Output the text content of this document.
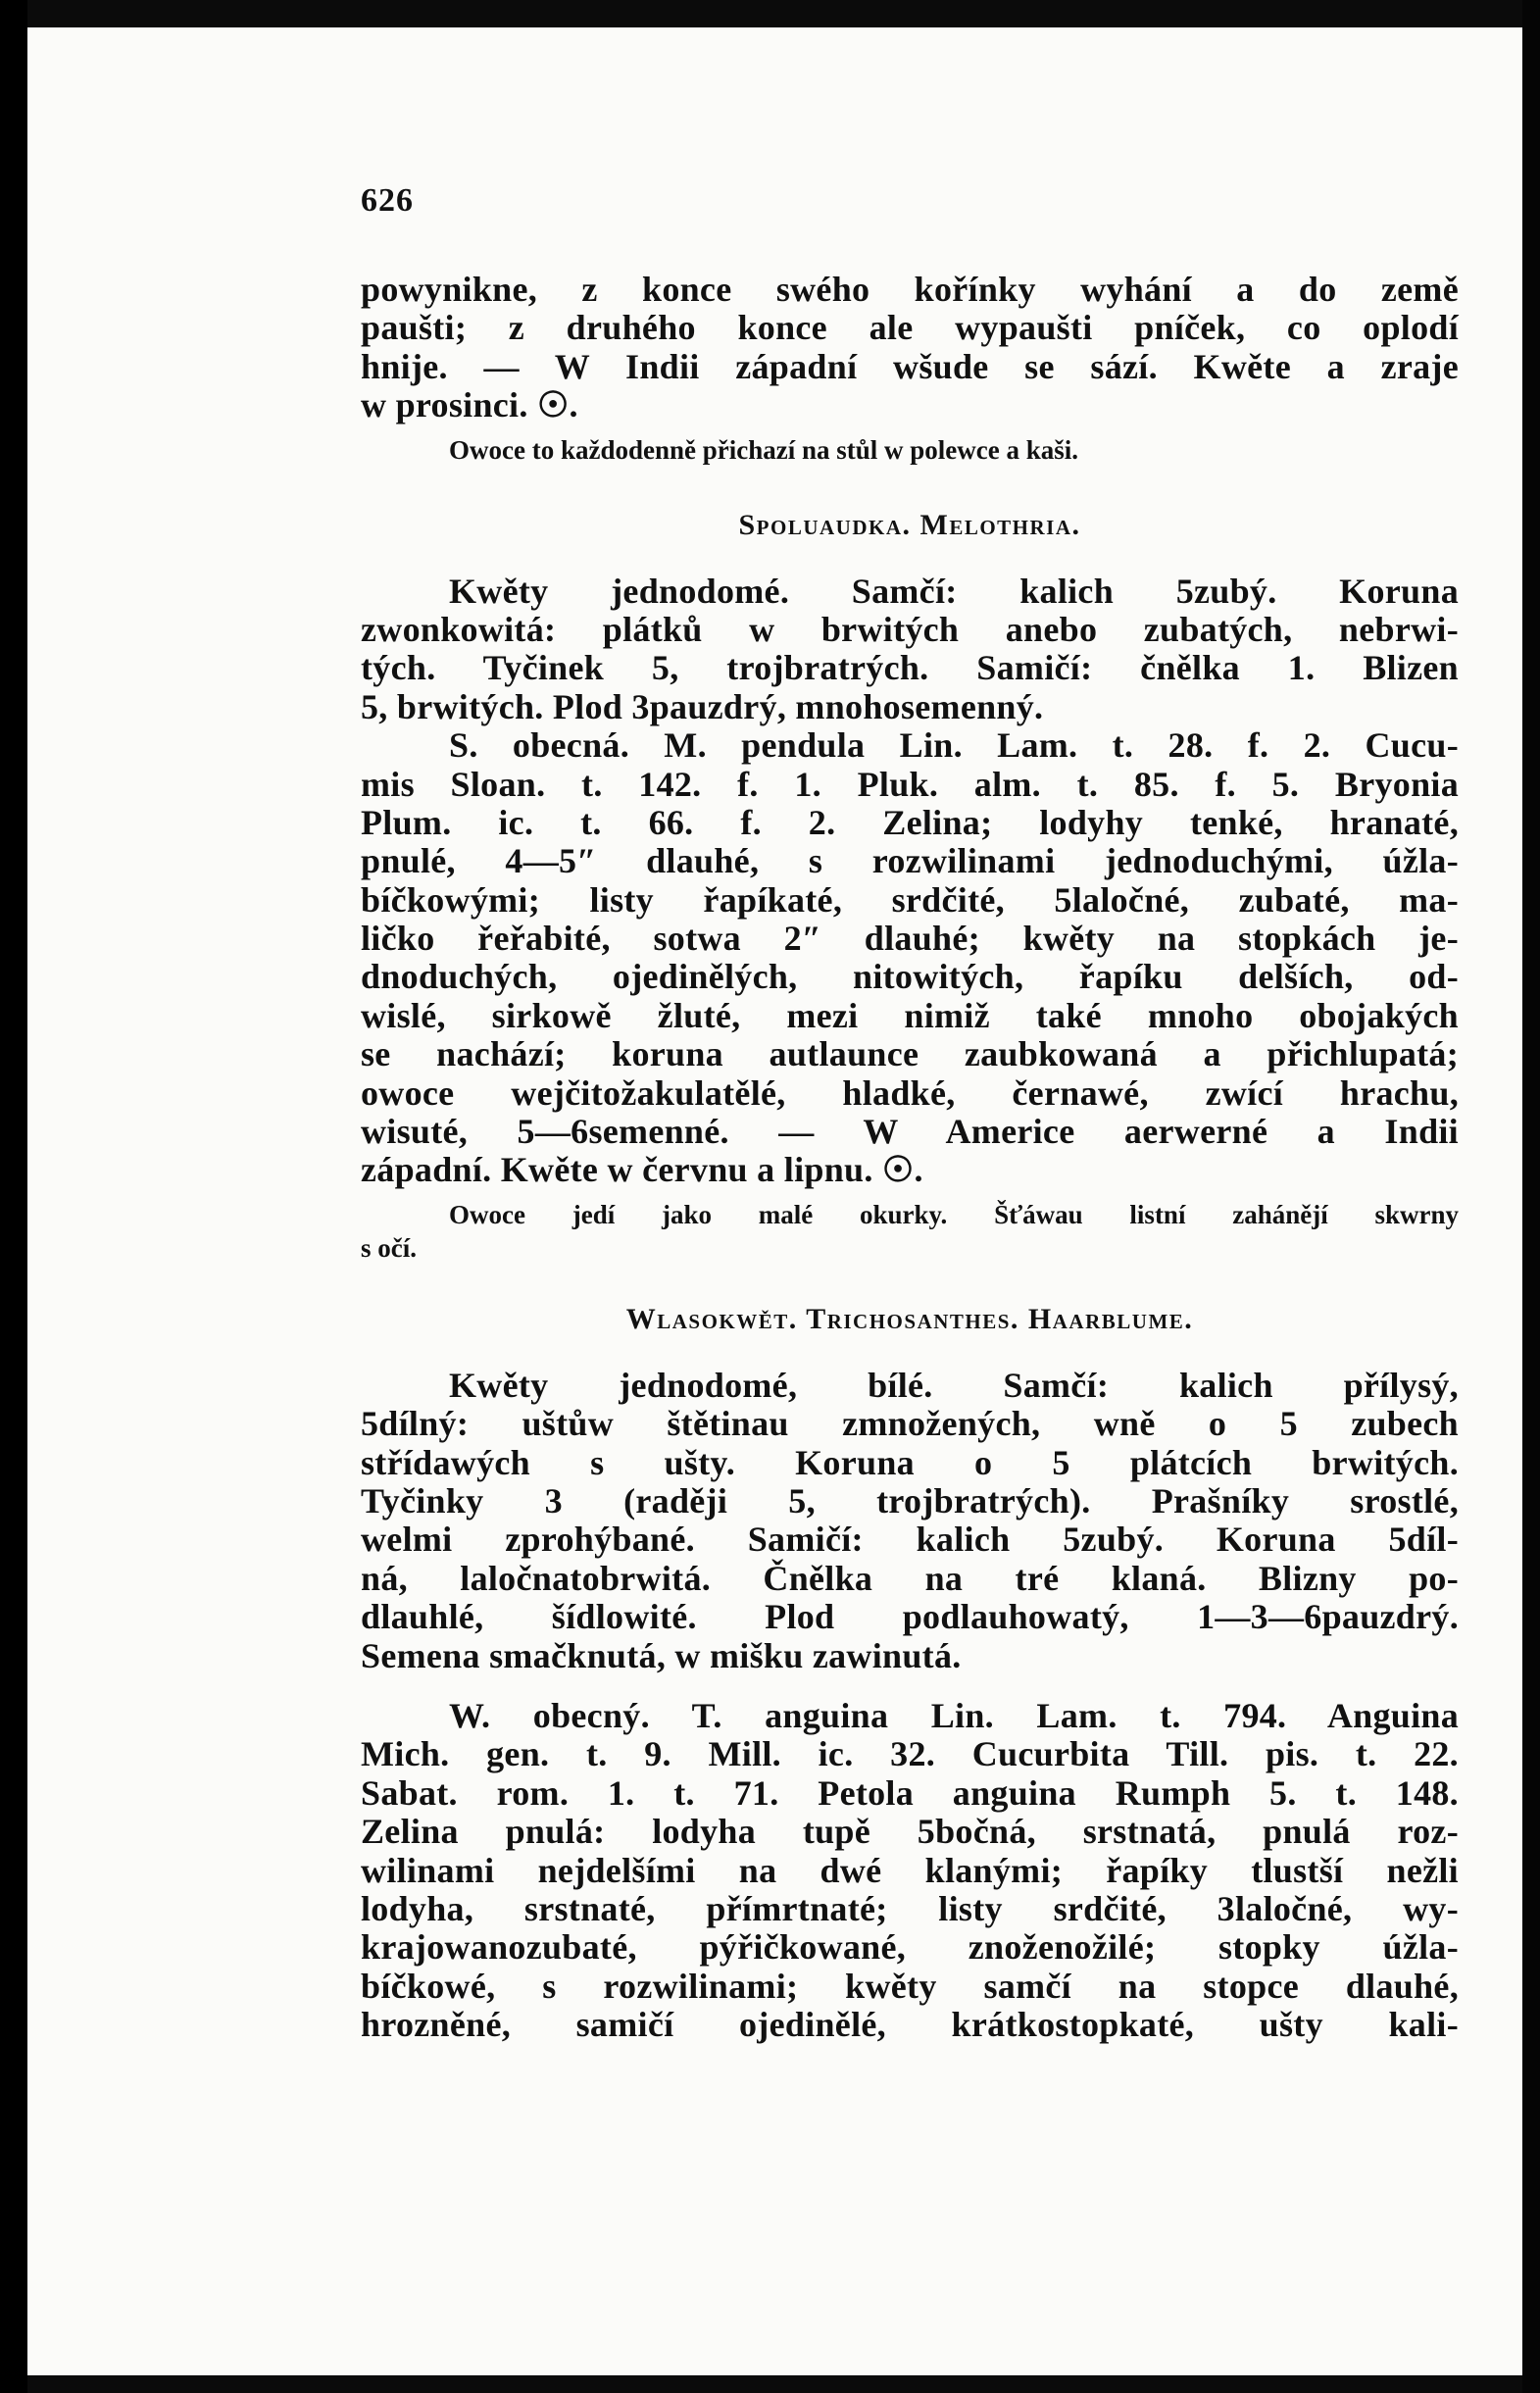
626
powynikne, z konce swého kořínky wyhání a do země
paušti; z druhého konce ale wypaušti pníček, co oplodí
hnije. — W Indii západní wšude se sází. Kwěte a zraje
w prosinci. ☉.
Owoce to každodenně přichazí na stůl w polewce a kaši.
Spoluaudka. Melothria.
Kwěty jednodomé. Samčí: kalich 5zubý. Koruna
zwonkowitá: plátků w brwitých anebo zubatých, nebrwi-
tých. Tyčinek 5, trojbratrých. Samičí: čnělka 1. Blizen
5, brwitých. Plod 3pauzdrý, mnohosemenný.
S. obecná. M. pendula Lin. Lam. t. 28. f. 2. Cucu-
mis Sloan. t. 142. f. 1. Pluk. alm. t. 85. f. 5. Bryonia
Plum. ic. t. 66. f. 2. Zelina; lodyhy tenké, hranaté,
pnulé, 4—5″ dlauhé, s rozwilinami jednoduchými, úžla-
bíčkowými; listy řapíkaté, srdčité, 5laločné, zubaté, ma-
ličko řeřabité, sotwa 2″ dlauhé; kwěty na stopkách je-
dnoduchých, ojedinělých, nitowitých, řapíku delších, od-
wislé, sirkowě žluté, mezi nimiž také mnoho obojakých
se nachází; koruna autlaunce zaubkowaná a přichlupatá;
owoce wejčitožakulatělé, hladké, černawé, zwící hrachu,
wisuté, 5—6semenné. — W Americe aerwerné a Indii
západní. Kwěte w červnu a lipnu. ☉.
Owoce jedí jako malé okurky. Šťáwau listní zahánějí skwrny
s očí.
Wlasokwět. Trichosanthes. Haarblume.
Kwěty jednodomé, bílé. Samčí: kalich přílysý,
5dílný: uštůw štětinau zmnožených, wně o 5 zubech
střídawých s ušty. Koruna o 5 plátcích brwitých.
Tyčinky 3 (raději 5, trojbratrých). Prašníky srostlé,
welmi zprohýbané. Samičí: kalich 5zubý. Koruna 5díl-
ná, laločnatobrwitá. Čnělka na tré klaná. Blizny po-
dlauhlé, šídlowité. Plod podlauhowatý, 1—3—6pauzdrý.
Semena smačknutá, w mišku zawinutá.
W. obecný. T. anguina Lin. Lam. t. 794. Anguina
Mich. gen. t. 9. Mill. ic. 32. Cucurbita Till. pis. t. 22.
Sabat. rom. 1. t. 71. Petola anguina Rumph 5. t. 148.
Zelina pnulá: lodyha tupě 5bočná, srstnatá, pnulá roz-
wilinami nejdelšími na dwé klanými; řapíky tlustší nežli
lodyha, srstnaté, přímrtnaté; listy srdčité, 3laločné, wy-
krajowanozubaté, pýřičkowané, znoženožilé; stopky úžla-
bíčkowé, s rozwilinami; kwěty samčí na stopce dlauhé,
hrozněné, samičí ojedinělé, krátkostopkaté, ušty kali-
